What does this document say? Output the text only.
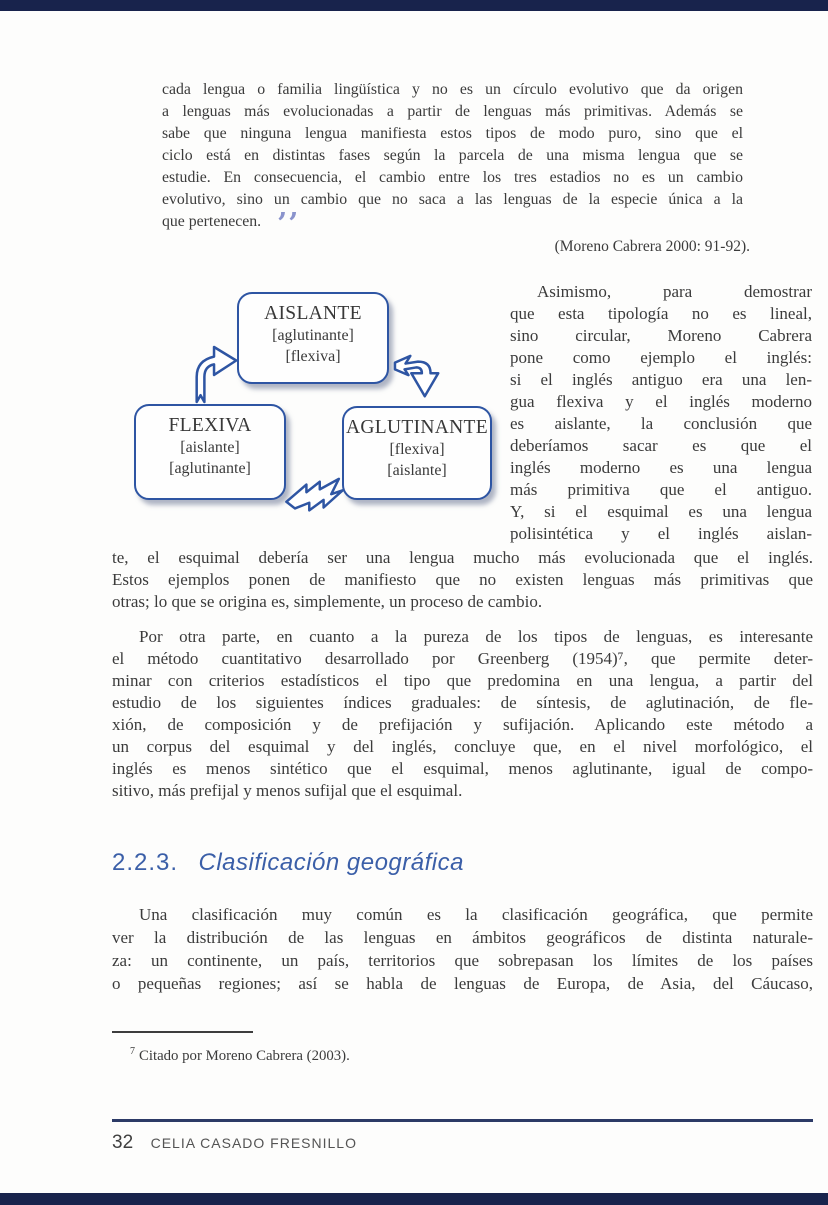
cada lengua o familia lingüística y no es un círculo evolutivo que da origen
a lenguas más evolucionadas a partir de lenguas más primitivas. Además se
sabe que ninguna lengua manifiesta estos tipos de modo puro, sino que el
ciclo está en distintas fases según la parcela de una misma lengua que se
estudie. En consecuencia, el cambio entre los tres estadios no es un cambio
evolutivo, sino un cambio que no saca a las lenguas de la especie única a la
que pertenecen. ’’
(Moreno Cabrera 2000: 91-92).
AISLANTE
[aglutinante]
[flexiva]
FLEXIVA
[aislante]
[aglutinante]
AGLUTINANTE
[flexiva]
[aislante]
Asimismo, para demostrar
que esta tipología no es lineal,
sino circular, Moreno Cabrera
pone como ejemplo el inglés:
si el inglés antiguo era una len-
gua flexiva y el inglés moderno
es aislante, la conclusión que
deberíamos sacar es que el
inglés moderno es una lengua
más primitiva que el antiguo.
Y, si el esquimal es una lengua
polisintética y el inglés aislan-
te, el esquimal debería ser una lengua mucho más evolucionada que el inglés.
Estos ejemplos ponen de manifiesto que no existen lenguas más primitivas que
otras; lo que se origina es, simplemente, un proceso de cambio.
Por otra parte, en cuanto a la pureza de los tipos de lenguas, es interesante
el método cuantitativo desarrollado por Greenberg (1954)⁷, que permite deter-
minar con criterios estadísticos el tipo que predomina en una lengua, a partir del
estudio de los siguientes índices graduales: de síntesis, de aglutinación, de fle-
xión, de composición y de prefijación y sufijación. Aplicando este método a
un corpus del esquimal y del inglés, concluye que, en el nivel morfológico, el
inglés es menos sintético que el esquimal, menos aglutinante, igual de compo-
sitivo, más prefijal y menos sufijal que el esquimal.
2.2.3. Clasificación geográfica
Una clasificación muy común es la clasificación geográfica, que permite
ver la distribución de las lenguas en ámbitos geográficos de distinta naturale-
za: un continente, un país, territorios que sobrepasan los límites de los países
o pequeñas regiones; así se habla de lenguas de Europa, de Asia, del Cáucaso,
$^7$ Citado por Moreno Cabrera (2003).
32 CELIA CASADO FRESNILLO
